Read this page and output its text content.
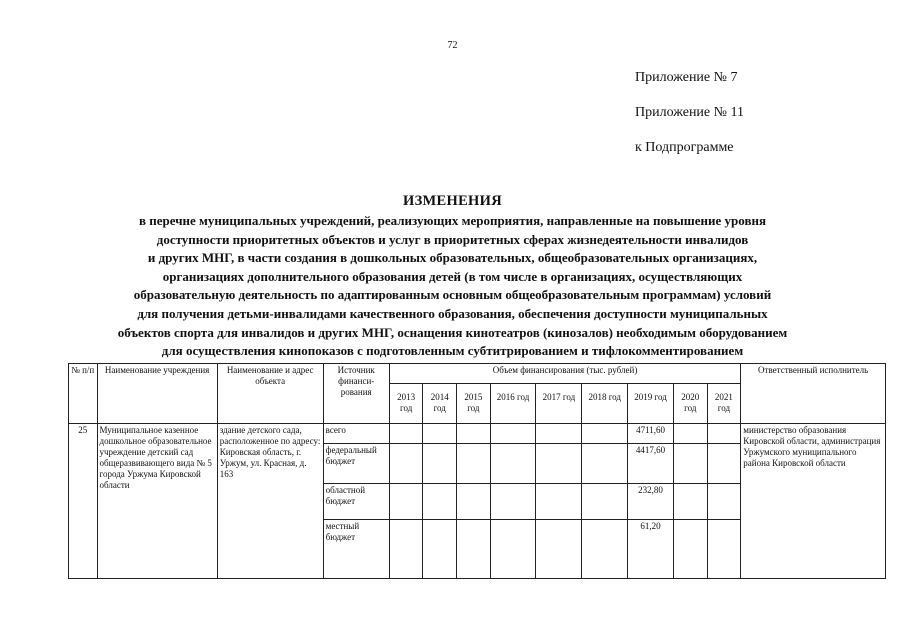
72
Приложение № 7
Приложение № 11
к Подпрограмме
ИЗМЕНЕНИЯ
в перечне муниципальных учреждений, реализующих мероприятия, направленные на повышение уровня
доступности приоритетных объектов и услуг в приоритетных сферах жизнедеятельности инвалидов
и других МНГ, в части создания в дошкольных образовательных, общеобразовательных организациях,
организациях дополнительного образования детей (в том числе в организациях, осуществляющих
образовательную деятельность по адаптированным основным общеобразовательным программам) условий
для получения детьми-инвалидами качественного образования, обеспечения доступности муниципальных
объектов спорта для инвалидов и других МНГ, оснащения кинотеатров (кинозалов) необходимым оборудованием
для осуществления кинопоказов с подготовленным субтитрированием и тифлокомментированием
№ п/п	Наименование учреждения	Наименование и адрес объекта	Источник финанси-рования	Объем финансирования (тыс. рублей)									Ответственный исполнитель
				2013 год	2014 год	2015 год	2016 год	2017 год	2018 год	2019 год	2020 год	2021 год	
25	Муниципальное казенное дошкольное образовательное учреждение детский сад общеразвивающего вида № 5 города Уржума Кировской области	здание детского сада, расположенное по адресу: Кировская область, г. Уржум, ул. Красная, д. 163	всего							4711,60			министерство образования Кировской области, администрация Уржумского муниципального района Кировской области
			федеральный бюджет							4417,60			
			областной бюджет							232,80			
			местный бюджет							61,20			
